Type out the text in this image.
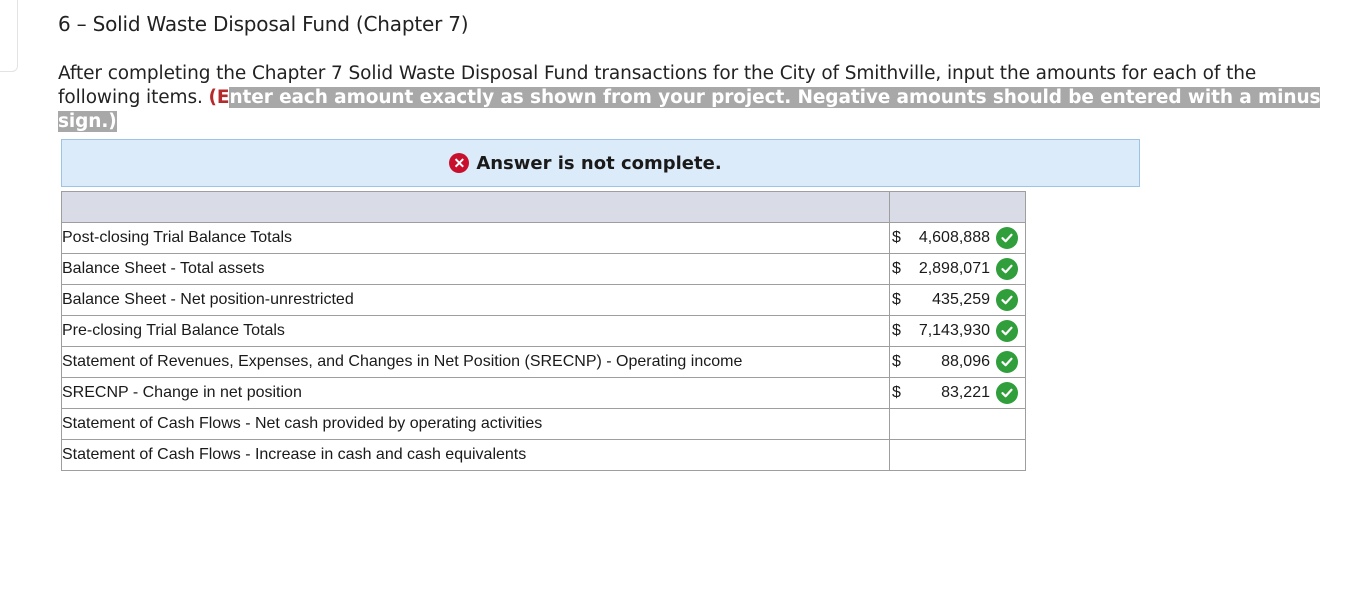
6 – Solid Waste Disposal Fund (Chapter 7)
After completing the Chapter 7 Solid Waste Disposal Fund transactions for the City of Smithville, input the amounts for each of the following items. (Enter each amount exactly as shown from your project. Negative amounts should be entered with a minus sign.)
✕ Answer is not complete.

Post-closing Trial Balance Totals	$ 4,608,888

Balance Sheet - Total assets	$ 2,898,071

Balance Sheet - Net position-unrestricted	$ 435,259

Pre-closing Trial Balance Totals	$ 7,143,930

Statement of Revenues, Expenses, and Changes in Net Position (SRECNP) - Operating income	$ 88,096

SRECNP - Change in net position	$ 83,221

Statement of Cash Flows - Net cash provided by operating activities	
Statement of Cash Flows - Increase in cash and cash equivalents	
